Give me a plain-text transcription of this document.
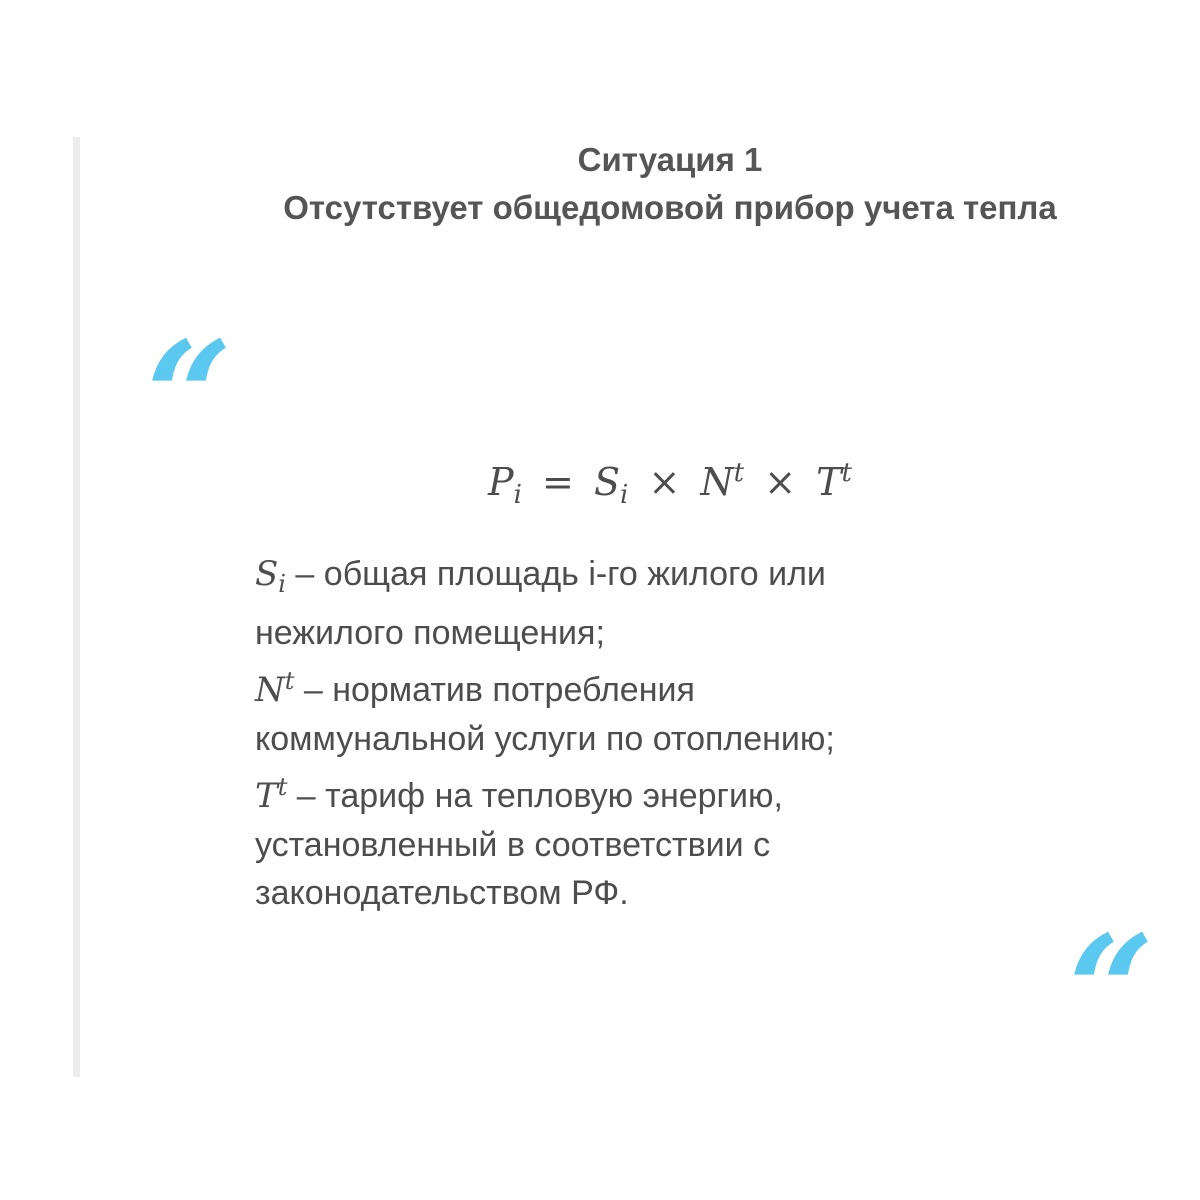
Ситуация 1
Отсутствует общедомовой прибор учета тепла
“	$P_i = S_i \times N^t \times T^t$
$S_i$ – общая площадь i-го жилого или
нежилого помещения;
$N^t$ – норматив потребления
коммунальной услуги по отоплению;
$T^t$ – тариф на тепловую энергию,
установленный в соответствии с
законодательством РФ.
“
